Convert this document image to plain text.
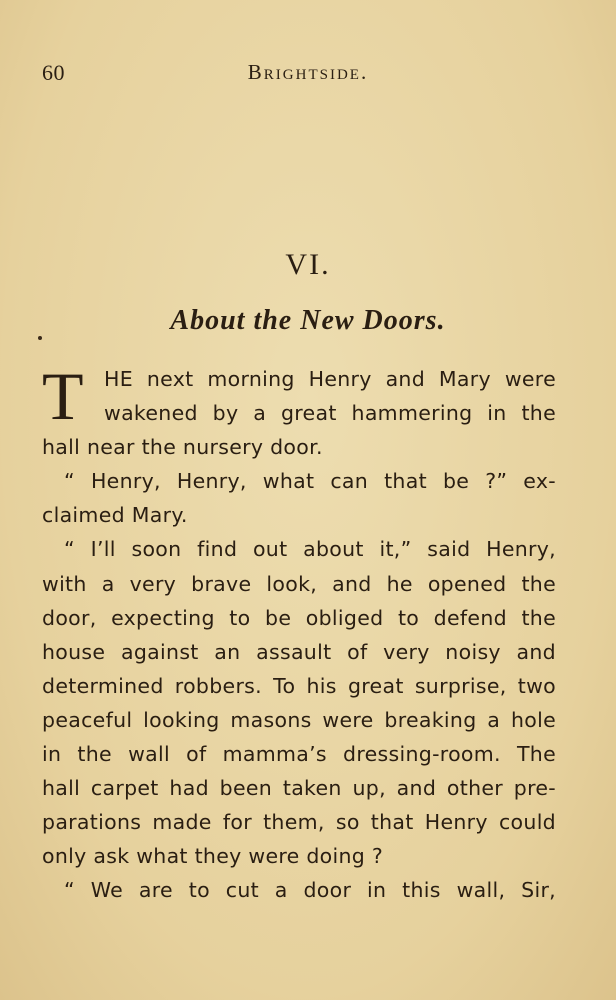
60	Brightside.
VI.
About the New Doors.
T HE next morning Henry and Mary were
wakened by a great hammering in the
hall near the nursery door.
“ Henry, Henry, what can that be ?” ex-
claimed Mary.
“ I’ll soon find out about it,” said Henry,
with a very brave look, and he opened the
door, expecting to be obliged to defend the
house against an assault of very noisy and
determined robbers. To his great surprise, two
peaceful looking masons were breaking a hole
in the wall of mamma’s dressing-room. The
hall carpet had been taken up, and other pre-
parations made for them, so that Henry could
only ask what they were doing ?
“ We are to cut a door in this wall, Sir,
